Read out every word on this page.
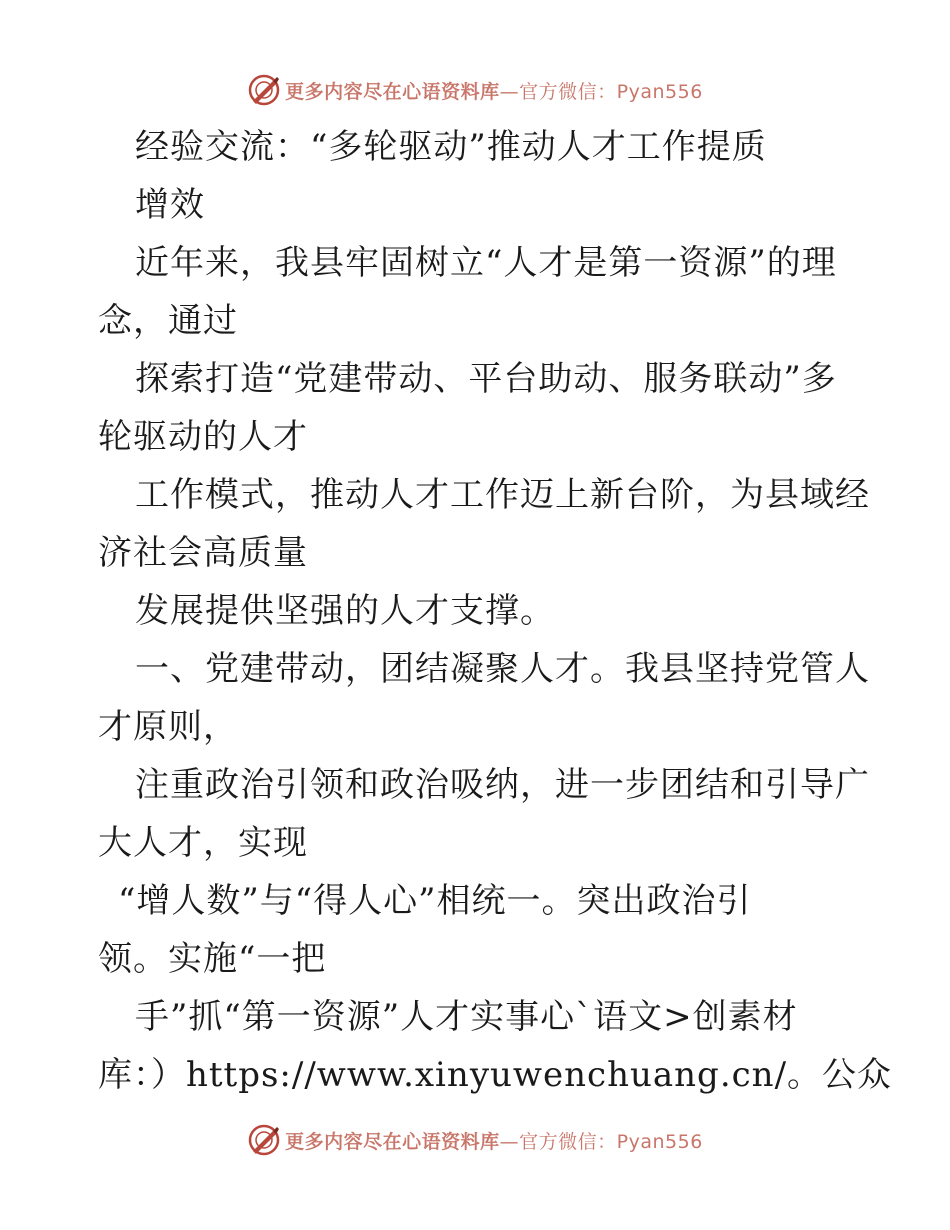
更多内容尽在心语资料库—官方微信：Pyan556
经验交流：“多轮驱动”推动人才工作提质
增效
近年来，我县牢固树立“人才是第一资源”的理
念，通过
探索打造“党建带动、平台助动、服务联动”多
轮驱动的人才
工作模式，推动人才工作迈上新台阶，为县域经
济社会高质量
发展提供坚强的人才支撑。
一、党建带动，团结凝聚人才。我县坚持党管人
才原则，
注重政治引领和政治吸纳，进一步团结和引导广
大人才，实现
“增人数”与“得人心”相统一。突出政治引
领。实施“一把
手”抓“第一资源”人才实事心`语文>创素材
库：）https://www.xinyuwenchuang.cn/。公众
更多内容尽在心语资料库—官方微信：Pyan556
